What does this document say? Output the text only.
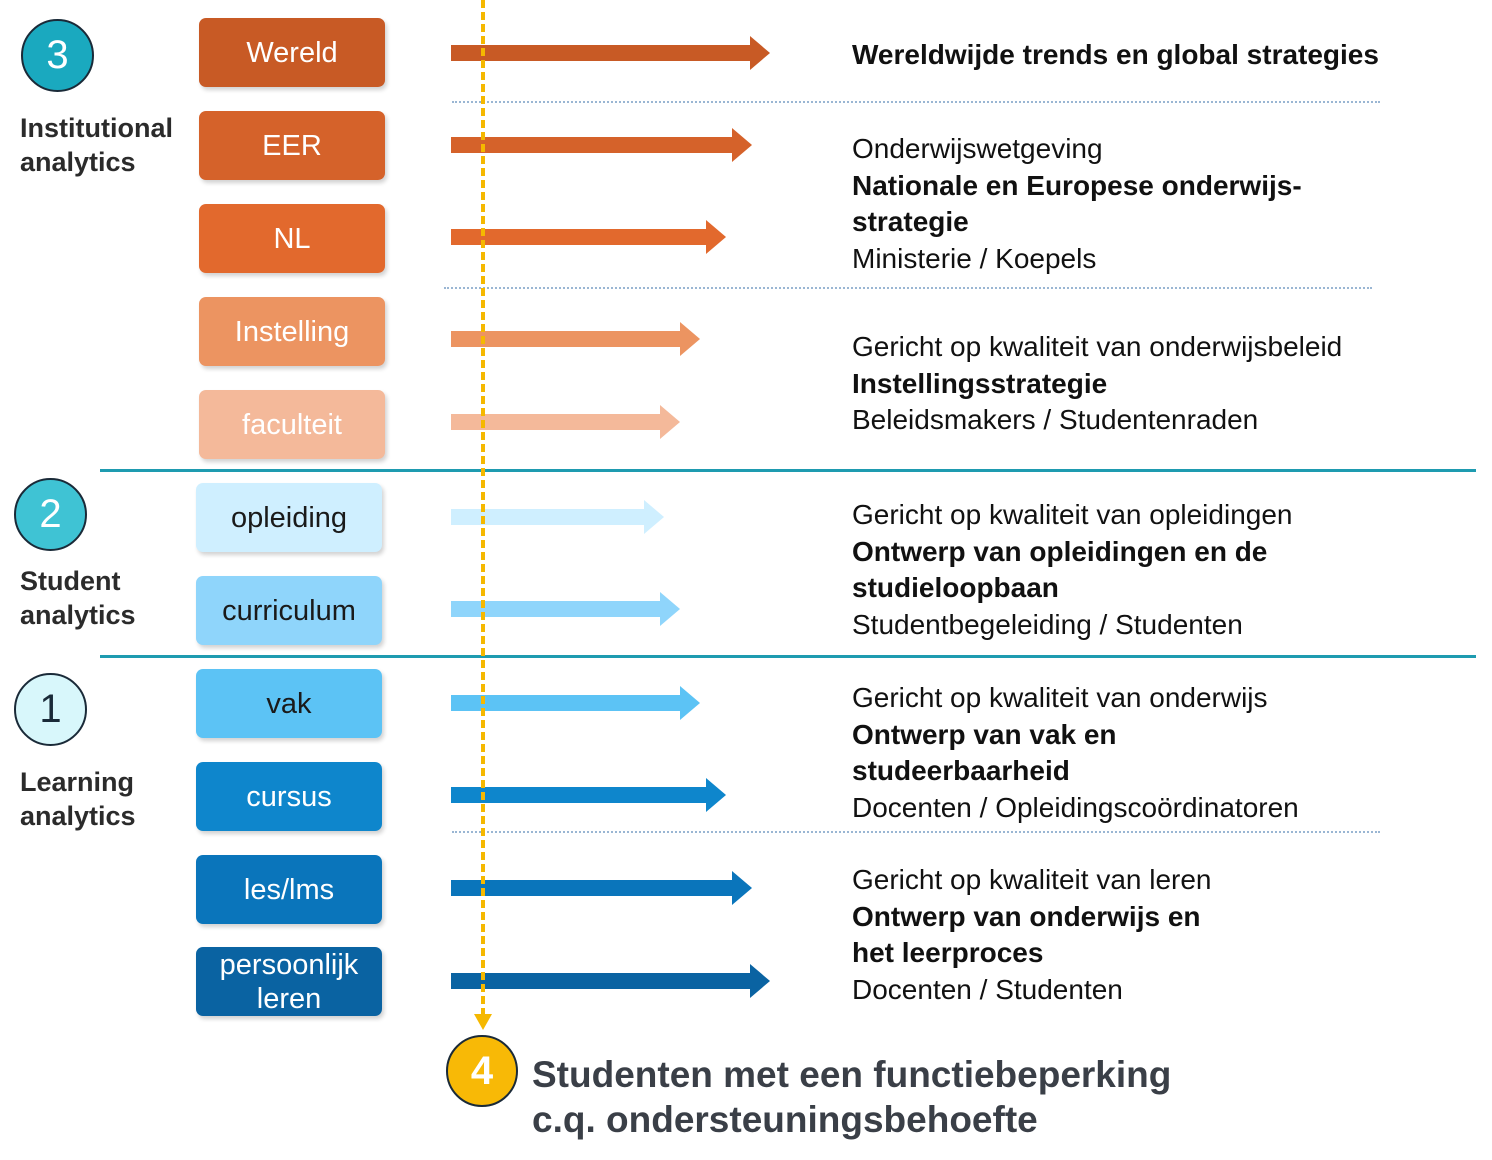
3
Institutional
analytics
2
Student
analytics
1
Learning
analytics
Wereld
EER
NL
Instelling
faculteit
opleiding
curriculum
vak
cursus
les/lms
persoonlijk
leren
Wereldwijde trends en global strategies
Onderwijswetgeving
Nationale en Europese onderwijs-
strategie
Ministerie / Koepels
Gericht op kwaliteit van onderwijsbeleid
Instellingsstrategie
Beleidsmakers / Studentenraden
Gericht op kwaliteit van opleidingen
Ontwerp van opleidingen en de
studieloopbaan
Studentbegeleiding / Studenten
Gericht op kwaliteit van onderwijs
Ontwerp van vak en
studeerbaarheid
Docenten / Opleidingscoördinatoren
Gericht op kwaliteit van leren
Ontwerp van onderwijs en
het leerproces
Docenten / Studenten
4 Studenten met een functiebeperking
c.q. ondersteuningsbehoefte
